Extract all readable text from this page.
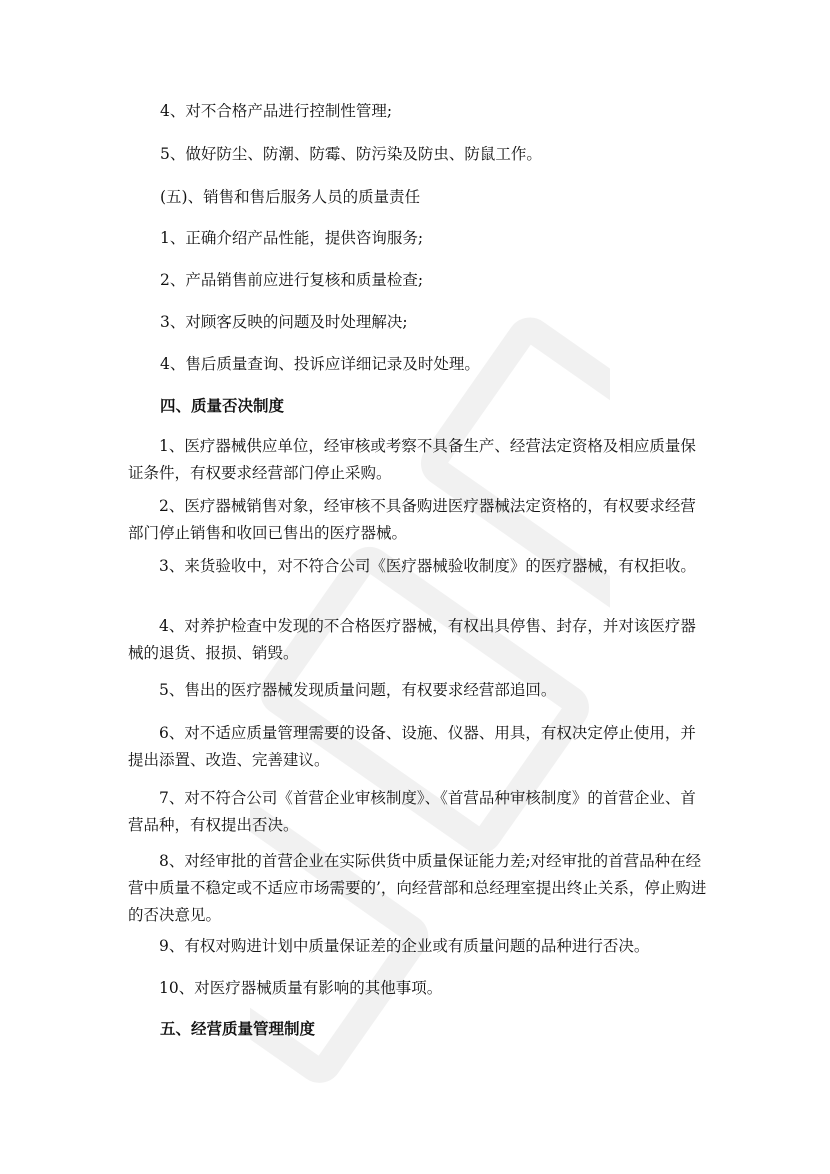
4、对不合格产品进行控制性管理;
5、做好防尘、防潮、防霉、防污染及防虫、防鼠工作。
(五)、销售和售后服务人员的质量责任
1、正确介绍产品性能，提供咨询服务;
2、产品销售前应进行复核和质量检查;
3、对顾客反映的问题及时处理解决;
4、售后质量查询、投诉应详细记录及时处理。
四、质量否决制度
1、医疗器械供应单位，经审核或考察不具备生产、经营法定资格及相应质量保证条件，有权要求经营部门停止采购。
2、医疗器械销售对象，经审核不具备购进医疗器械法定资格的，有权要求经营部门停止销售和收回已售出的医疗器械。
3、来货验收中，对不符合公司《医疗器械验收制度》的医疗器械，有权拒收。
4、对养护检查中发现的不合格医疗器械，有权出具停售、封存，并对该医疗器械的退货、报损、销毁。
5、售出的医疗器械发现质量问题，有权要求经营部追回。
6、对不适应质量管理需要的设备、设施、仪器、用具，有权决定停止使用，并提出添置、改造、完善建议。
7、对不符合公司《首营企业审核制度》、《首营品种审核制度》的首营企业、首营品种，有权提出否决。
8、对经审批的首营企业在实际供货中质量保证能力差;对经审批的首营品种在经营中质量不稳定或不适应市场需要的’，向经营部和总经理室提出终止关系，停止购进的否决意见。
9、有权对购进计划中质量保证差的企业或有质量问题的品种进行否决。
10、对医疗器械质量有影响的其他事项。
五、经营质量管理制度
